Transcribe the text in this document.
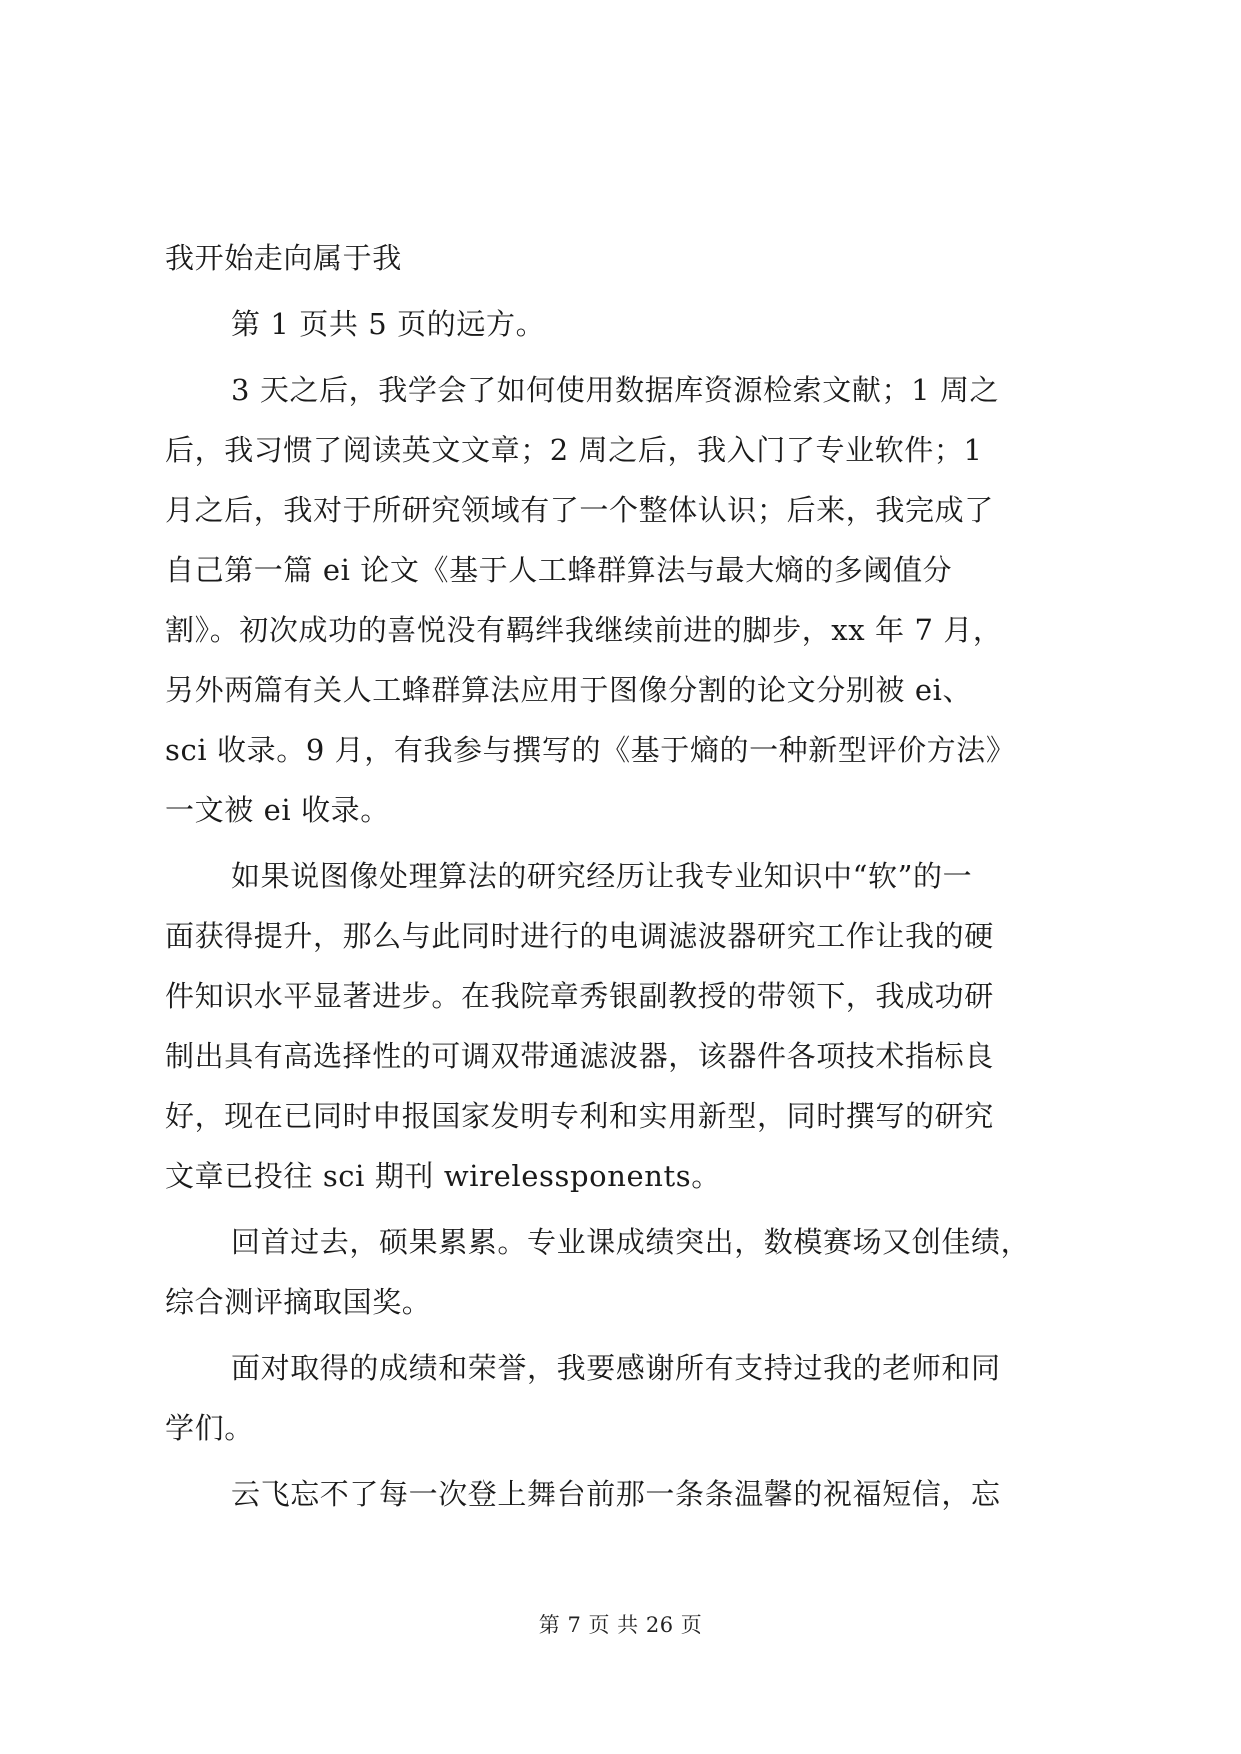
我开始走向属于我
第 1 页共 5 页的远方。
3 天之后，我学会了如何使用数据库资源检索文献；1 周之
后，我习惯了阅读英文文章；2 周之后，我入门了专业软件；1
月之后，我对于所研究领域有了一个整体认识；后来，我完成了
自己第一篇 ei 论文《基于人工蜂群算法与最大熵的多阈值分
割》。初次成功的喜悦没有羁绊我继续前进的脚步，xx 年 7 月，
另外两篇有关人工蜂群算法应用于图像分割的论文分别被 ei、
sci 收录。9 月，有我参与撰写的《基于熵的一种新型评价方法》
一文被 ei 收录。
如果说图像处理算法的研究经历让我专业知识中“软”的一
面获得提升，那么与此同时进行的电调滤波器研究工作让我的硬
件知识水平显著进步。在我院章秀银副教授的带领下，我成功研
制出具有高选择性的可调双带通滤波器，该器件各项技术指标良
好，现在已同时申报国家发明专利和实用新型，同时撰写的研究
文章已投往 sci 期刊 wirelessponents。
回首过去，硕果累累。专业课成绩突出，数模赛场又创佳绩，
综合测评摘取国奖。
面对取得的成绩和荣誉，我要感谢所有支持过我的老师和同
学们。
云飞忘不了每一次登上舞台前那一条条温馨的祝福短信，忘
第 7 页 共 26 页
